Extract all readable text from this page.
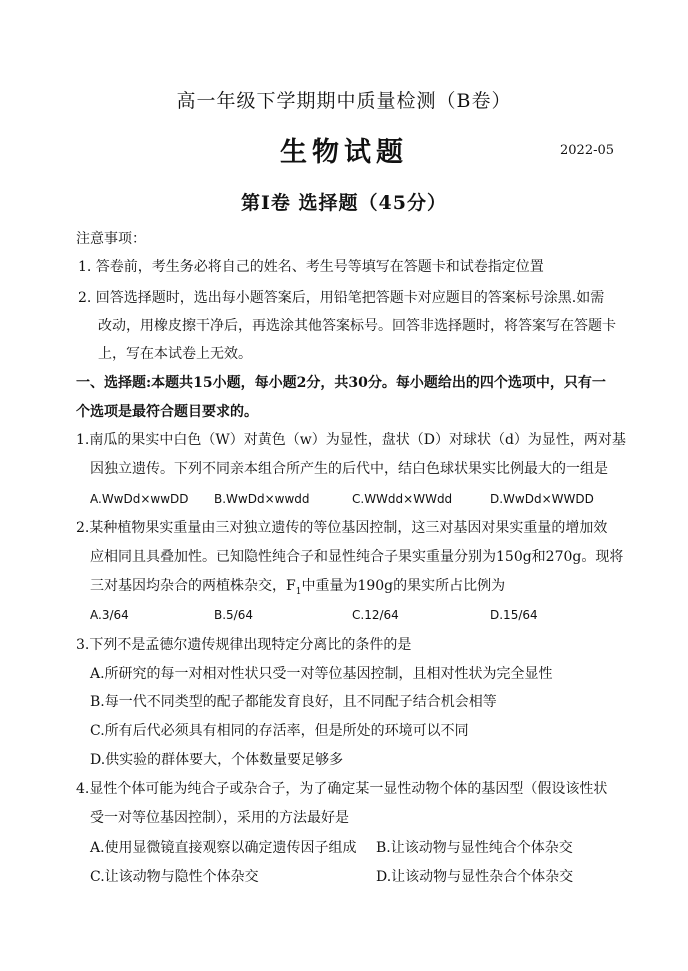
高一年级下学期期中质量检测（B卷）
生物试题	2022-05
第Ⅰ卷 选择题（45分）
注意事项：
1. 答卷前，考生务必将自己的姓名、考生号等填写在答题卡和试卷指定位置
2. 回答选择题时，选出每小题答案后，用铅笔把答题卡对应题目的答案标号涂黑.如需
改动，用橡皮擦干净后，再选涂其他答案标号。回答非选择题时，将答案写在答题卡
上，写在本试卷上无效。
一、选择题:本题共15小题，每小题2分，共30分。每小题给出的四个选项中，只有一
个选项是最符合题目要求的。
1.南瓜的果实中白色（W）对黄色（w）为显性，盘状（D）对球状（d）为显性，两对基
因独立遗传。下列不同亲本组合所产生的后代中，结白色球状果实比例最大的一组是
A.WwDd×wwDD B.WwDd×wwdd	C.WWdd×WWdd	D.WwDd×WWDD
2.某种植物果实重量由三对独立遗传的等位基因控制，这三对基因对果实重量的增加效
应相同且具叠加性。已知隐性纯合子和显性纯合子果实重量分别为150g和270g。现将
三对基因均杂合的两植株杂交，$F_1$中重量为190g的果实所占比例为
A.3/64	B.5/64	C.12/64	D.15/64
3.下列不是孟德尔遗传规律出现特定分离比的条件的是
A.所研究的每一对相对性状只受一对等位基因控制，且相对性状为完全显性
B.每一代不同类型的配子都能发育良好，且不同配子结合机会相等
C.所有后代必须具有相同的存活率，但是所处的环境可以不同
D.供实验的群体要大，个体数量要足够多
4.显性个体可能为纯合子或杂合子，为了确定某一显性动物个体的基因型（假设该性状
受一对等位基因控制），采用的方法最好是
A.使用显微镜直接观察以确定遗传因子组成 B.让该动物与显性纯合个体杂交
C.让该动物与隐性个体杂交	D.让该动物与显性杂合个体杂交
